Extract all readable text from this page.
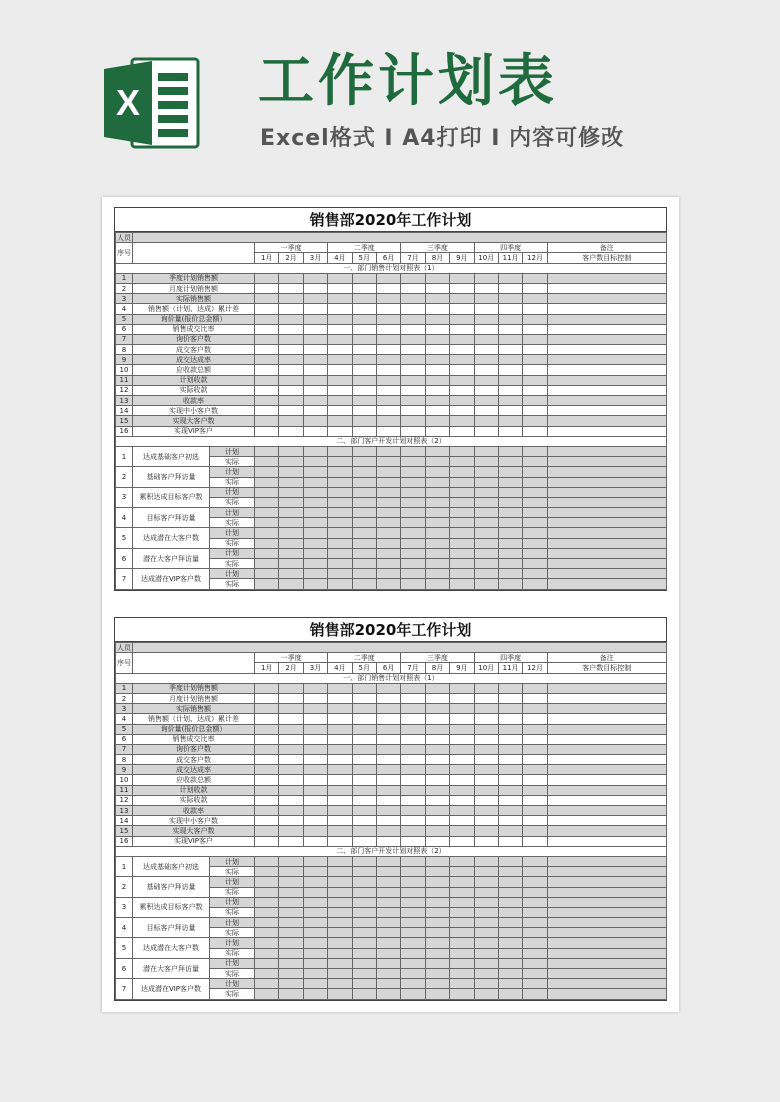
X 工作计划表
Excel格式 I A4打印 I 内容可修改
销售部2020年工作计划
人员															
序号			一季度			二季度			三季度			四季度			备注
			1月	2月	3月	4月	5月	6月	7月	8月	9月	10月	11月	12月	客户数目标控制
一、部门销售计划对照表（1）															
1	季度计划销售额														
2	月度计划销售额														
3	实际销售额														
4	销售额（计划、达成）累计差														
5	询价量(报价总金额）														
6	销售成交比率														
7	询价客户数														
8	成交客户数														
9	成交达成率														
10	应收款总额														
11	计划收款														
12	实际收款														
13	收款率														
14	实现中小客户数														
15	实现大客户数														
16	实现VIP客户														
二、部门客户开发计划对照表（2）															
1	达成基础客户初选	计划													
		实际													
2	基础客户拜访量	计划													
		实际													
3	累积达成目标客户数	计划													
		实际													
4	目标客户拜访量	计划													
		实际													
5	达成潜在大客户数	计划													
		实际													
6	潜在大客户拜访量	计划													
		实际													
7	达成潜在VIP客户数	计划													
		实际													
销售部2020年工作计划
人员															
序号			一季度			二季度			三季度			四季度			备注
			1月	2月	3月	4月	5月	6月	7月	8月	9月	10月	11月	12月	客户数目标控制
一、部门销售计划对照表（1）															
1	季度计划销售额														
2	月度计划销售额														
3	实际销售额														
4	销售额（计划、达成）累计差														
5	询价量(报价总金额）														
6	销售成交比率														
7	询价客户数														
8	成交客户数														
9	成交达成率														
10	应收款总额														
11	计划收款														
12	实际收款														
13	收款率														
14	实现中小客户数														
15	实现大客户数														
16	实现VIP客户														
二、部门客户开发计划对照表（2）															
1	达成基础客户初选	计划													
		实际													
2	基础客户拜访量	计划													
		实际													
3	累积达成目标客户数	计划													
		实际													
4	目标客户拜访量	计划													
		实际													
5	达成潜在大客户数	计划													
		实际													
6	潜在大客户拜访量	计划													
		实际													
7	达成潜在VIP客户数	计划													
		实际													
